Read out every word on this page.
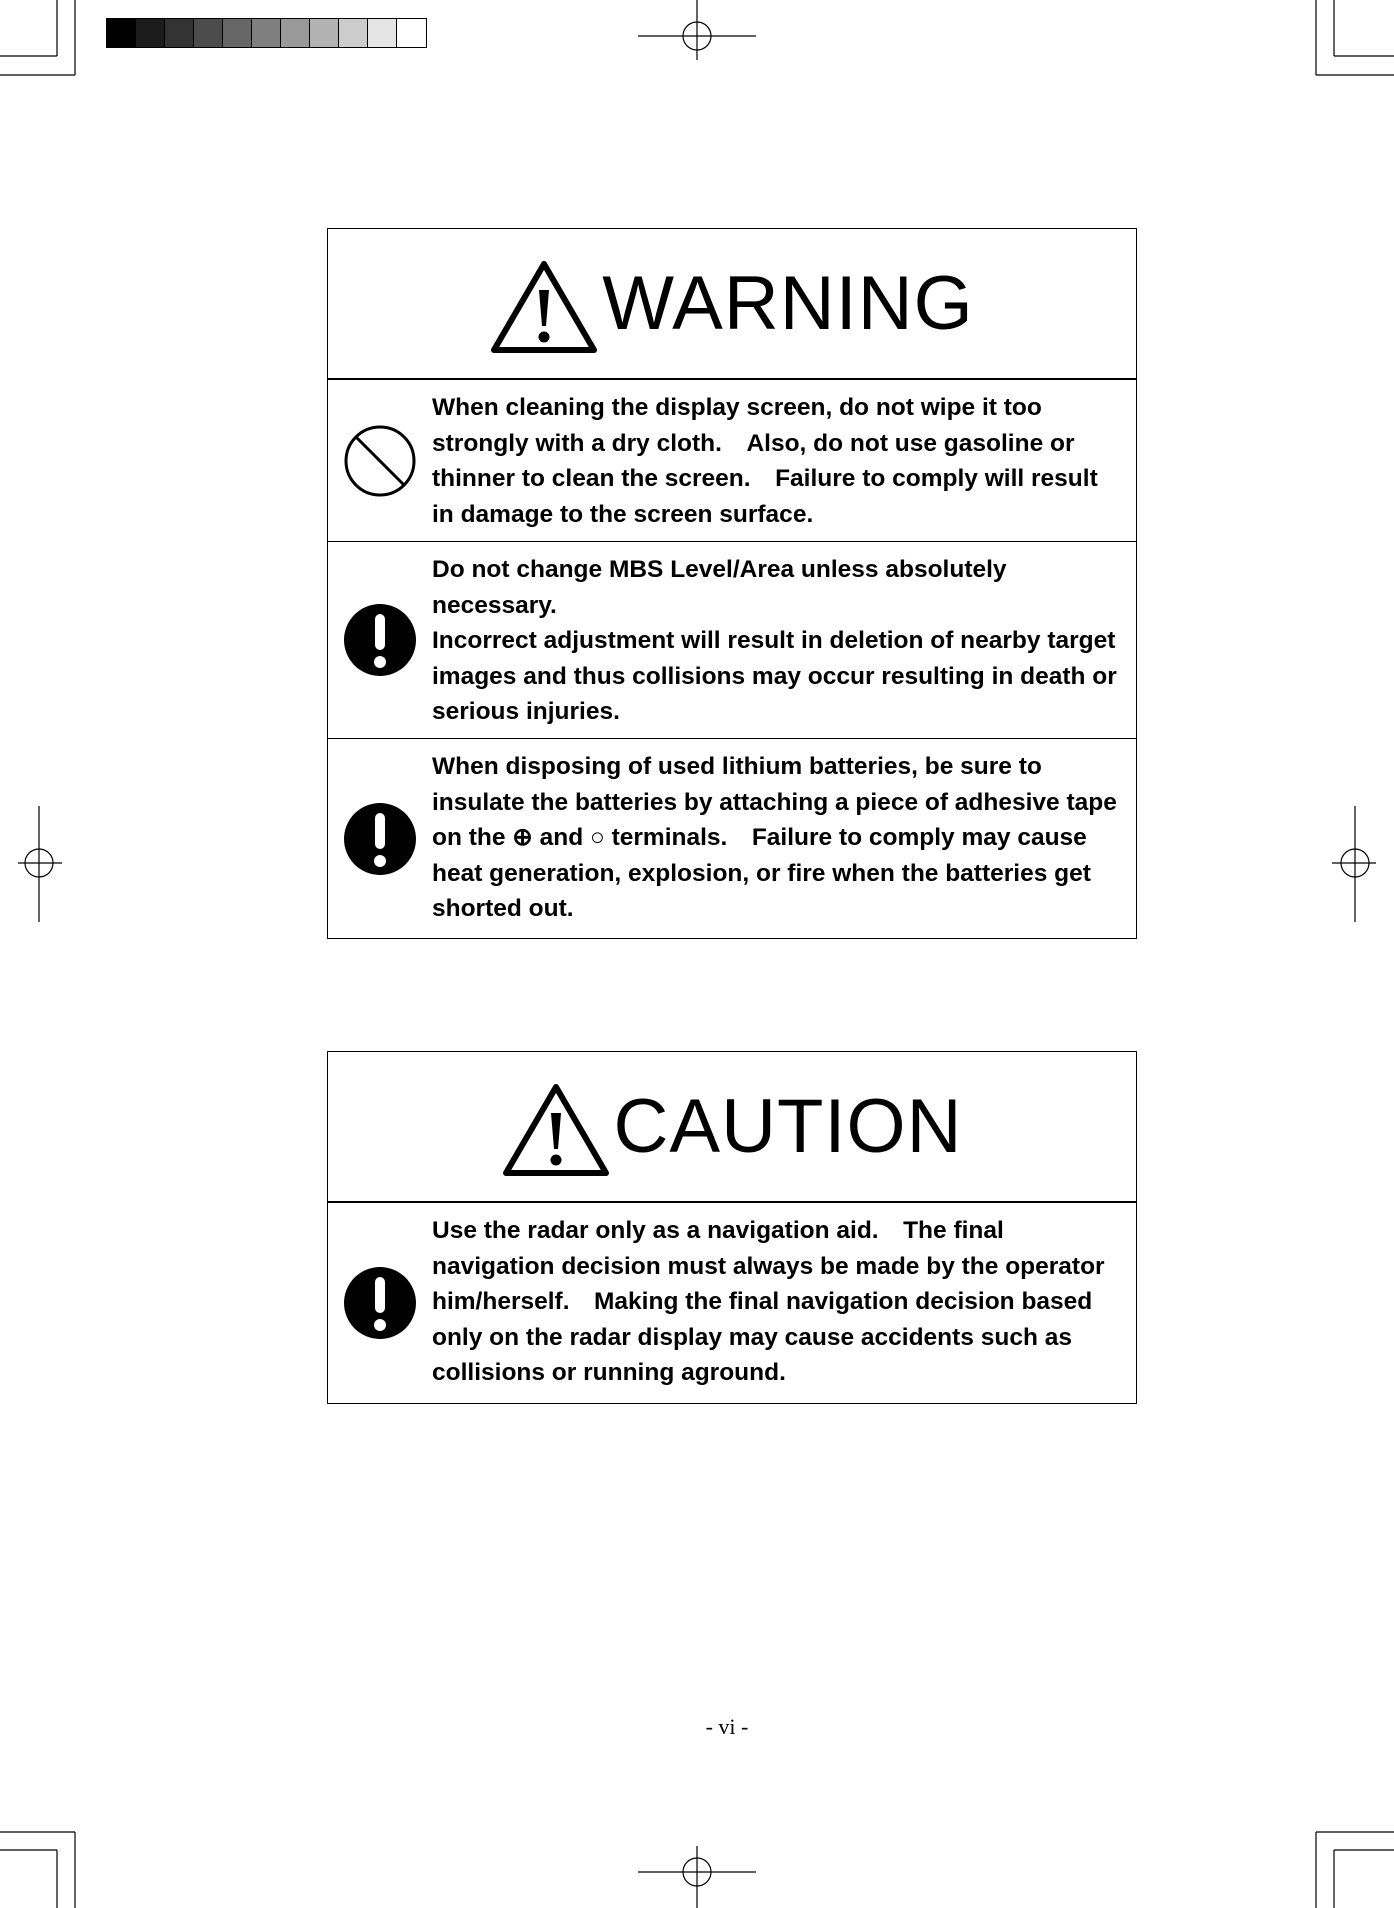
WARNING

When cleaning the display screen, do not wipe it too strongly with a dry cloth.　Also, do not use gasoline or thinner to clean the screen.　Failure to comply will result in damage to the screen surface.

Do not change MBS Level/Area unless absolutely necessary.

Incorrect adjustment will result in deletion of nearby target images and thus collisions may occur resulting in death or serious injuries.

When disposing of used lithium batteries, be sure to insulate the batteries by attaching a piece of adhesive tape on the ⊕ and ○ terminals.　Failure to comply may cause heat generation, explosion, or fire when the batteries get shorted out.

CAUTION

Use the radar only as a navigation aid.　The final navigation decision must always be made by the operator him/herself.　Making the final navigation decision based only on the radar display may cause accidents such as collisions or running aground.

- vi -
